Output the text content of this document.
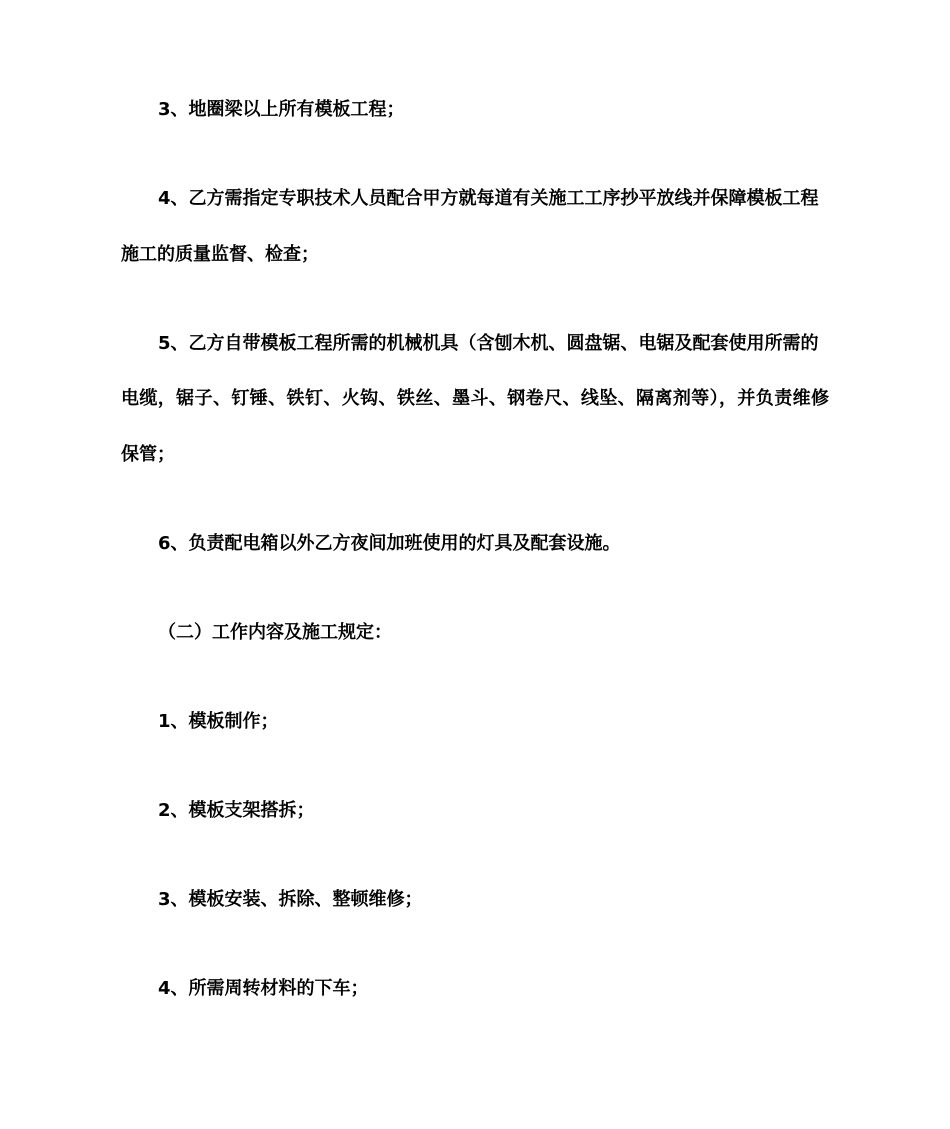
3、地圈梁以上所有模板工程；

4、乙方需指定专职技术人员配合甲方就每道有关施工工序抄平放线并保障模板工程

施工的质量监督、检查；

5、乙方自带模板工程所需的机械机具（含刨木机、圆盘锯、电锯及配套使用所需的

电缆，锯子、钉锤、铁钉、火钩、铁丝、墨斗、钢卷尺、线坠、隔离剂等），并负责维修

保管；

6、负责配电箱以外乙方夜间加班使用的灯具及配套设施。

（二）工作内容及施工规定：

1、模板制作；

2、模板支架搭拆；

3、模板安装、拆除、整顿维修；

4、所需周转材料的下车；
